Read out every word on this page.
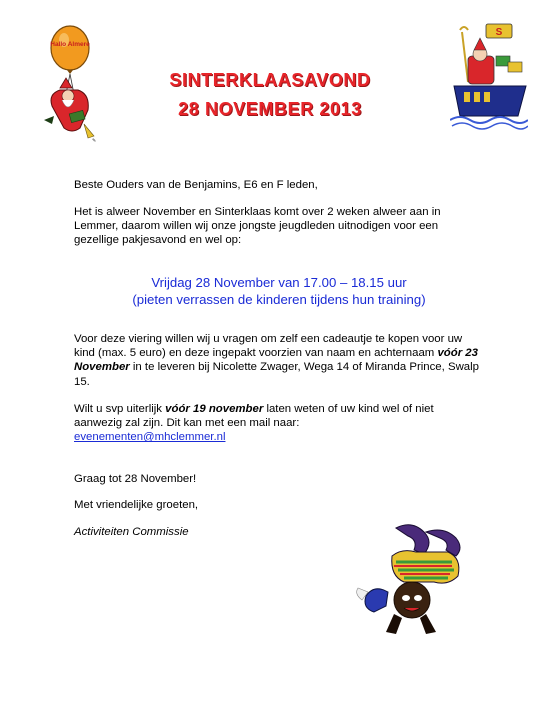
Hallo Almere
✎
S
SINTERKLAASAVOND
28 NOVEMBER 2013

Beste Ouders van de Benjamins, E6 en F leden,

Het is alweer November en Sinterklaas komt over 2 weken alweer aan in Lemmer, daarom willen wij onze jongste jeugdleden uitnodigen voor een gezellige pakjesavond en wel op:

Vrijdag 28 November van 17.00 – 18.15 uur

(pieten verrassen de kinderen tijdens hun training)

Voor deze viering willen wij u vragen om zelf een cadeautje te kopen voor uw kind (max. 5 euro) en deze ingepakt voorzien van naam en achternaam vóór 23 November in te leveren bij Nicolette Zwager, Wega 14 of Miranda Prince, Swalp 15.

Wilt u svp uiterlijk vóór 19 november laten weten of uw kind wel of niet aanwezig zal zijn. Dit kan met een mail naar:
evenementen@mhclemmer.nl

Graag tot 28 November!

Met vriendelijke groeten,

Activiteiten Commissie
